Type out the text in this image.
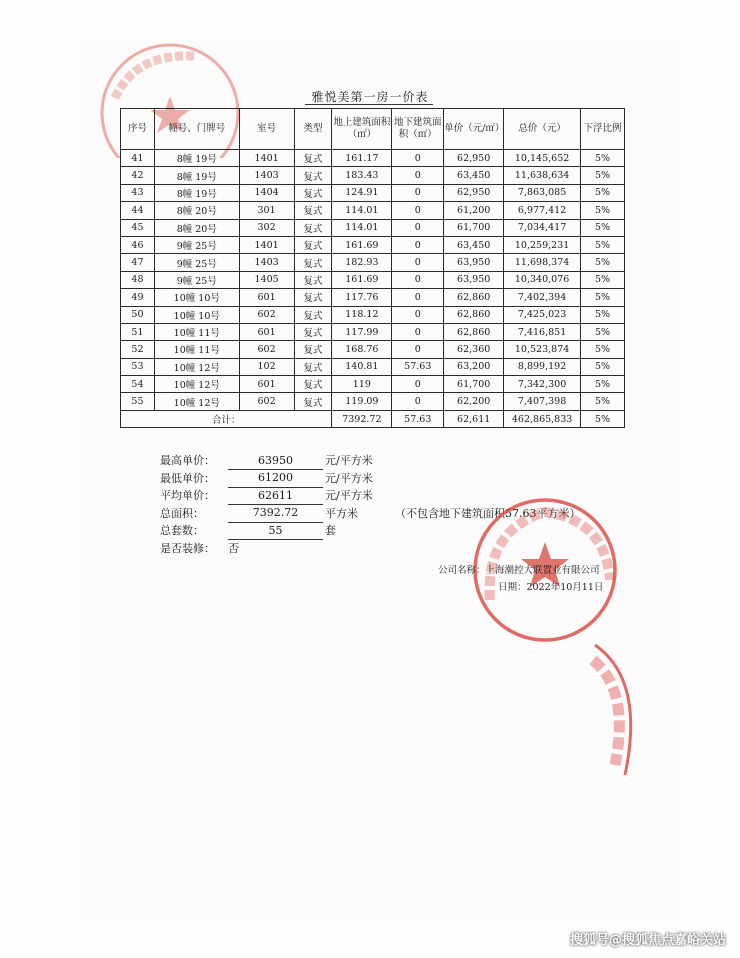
雅悦美第一房一价表
序号	幢号、门牌号	室号	类型	地上建筑面积（㎡）	地下建筑面积（㎡）	单价（元/㎡）	总价（元）	下浮比例
41	8幢 19号	1401	复式	161.17	0	62,950	10,145,652	5%
42	8幢 19号	1403	复式	183.43	0	63,450	11,638,634	5%
43	8幢 19号	1404	复式	124.91	0	62,950	7,863,085	5%
44	8幢 20号	301	复式	114.01	0	61,200	6,977,412	5%
45	8幢 20号	302	复式	114.01	0	61,700	7,034,417	5%
46	9幢 25号	1401	复式	161.69	0	63,450	10,259,231	5%
47	9幢 25号	1403	复式	182.93	0	63,950	11,698,374	5%
48	9幢 25号	1405	复式	161.69	0	63,950	10,340,076	5%
49	10幢 10号	601	复式	117.76	0	62,860	7,402,394	5%
50	10幢 10号	602	复式	118.12	0	62,860	7,425,023	5%
51	10幢 11号	601	复式	117.99	0	62,860	7,416,851	5%
52	10幢 11号	602	复式	168.76	0	62,360	10,523,874	5%
53	10幢 12号	102	复式	140.81	57.63	63,200	8,899,192	5%
54	10幢 12号	601	复式	119	0	61,700	7,342,300	5%
55	10幢 12号	602	复式	119.09	0	62,200	7,407,398	5%
合计：				7392.72	57.63	62,611	462,865,833	5%
最高单价：	63950	元/平方米
最低单价：	61200	元/平方米
平均单价：	62611	元/平方米
总面积：	7392.72	平方米	（不包含地下建筑面积57.63平方米）
总套数：	55	套
是否装修：	否
公司名称：上海潮控大联置业有限公司
日期：2022年10月11日
搜狐号@搜狐焦点嘉峪关站
